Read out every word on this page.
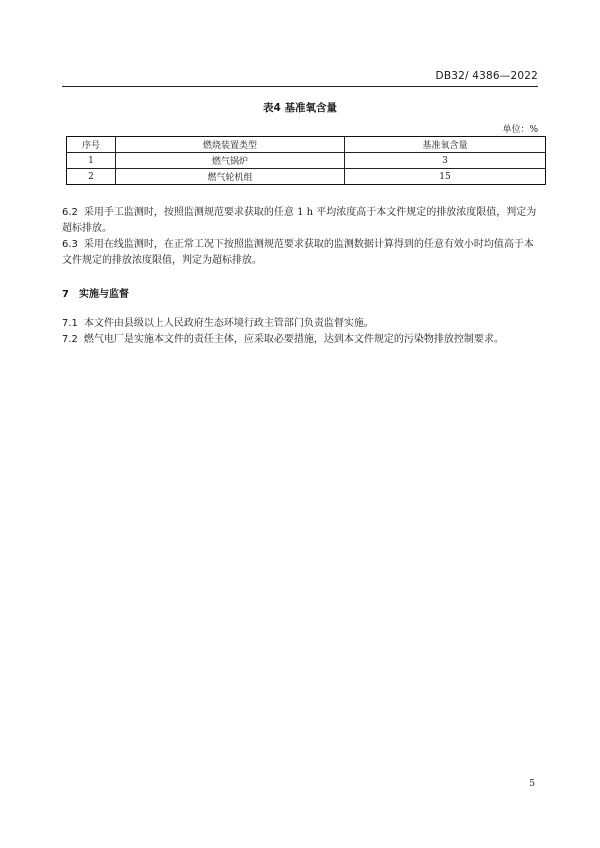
DB32/ 4386—2022
表4 基准氧含量
单位：%
序号	燃烧装置类型	基准氧含量
1	燃气锅炉	3
2	燃气轮机组	15
6.2 采用手工监测时，按照监测规范要求获取的任意 1 h 平均浓度高于本文件规定的排放浓度限值，判定为超标排放。
6.3 采用在线监测时，在正常工况下按照监测规范要求获取的监测数据计算得到的任意有效小时均值高于本文件规定的排放浓度限值，判定为超标排放。
7 实施与监督
7.1 本文件由县级以上人民政府生态环境行政主管部门负责监督实施。
7.2 燃气电厂是实施本文件的责任主体，应采取必要措施，达到本文件规定的污染物排放控制要求。
5
